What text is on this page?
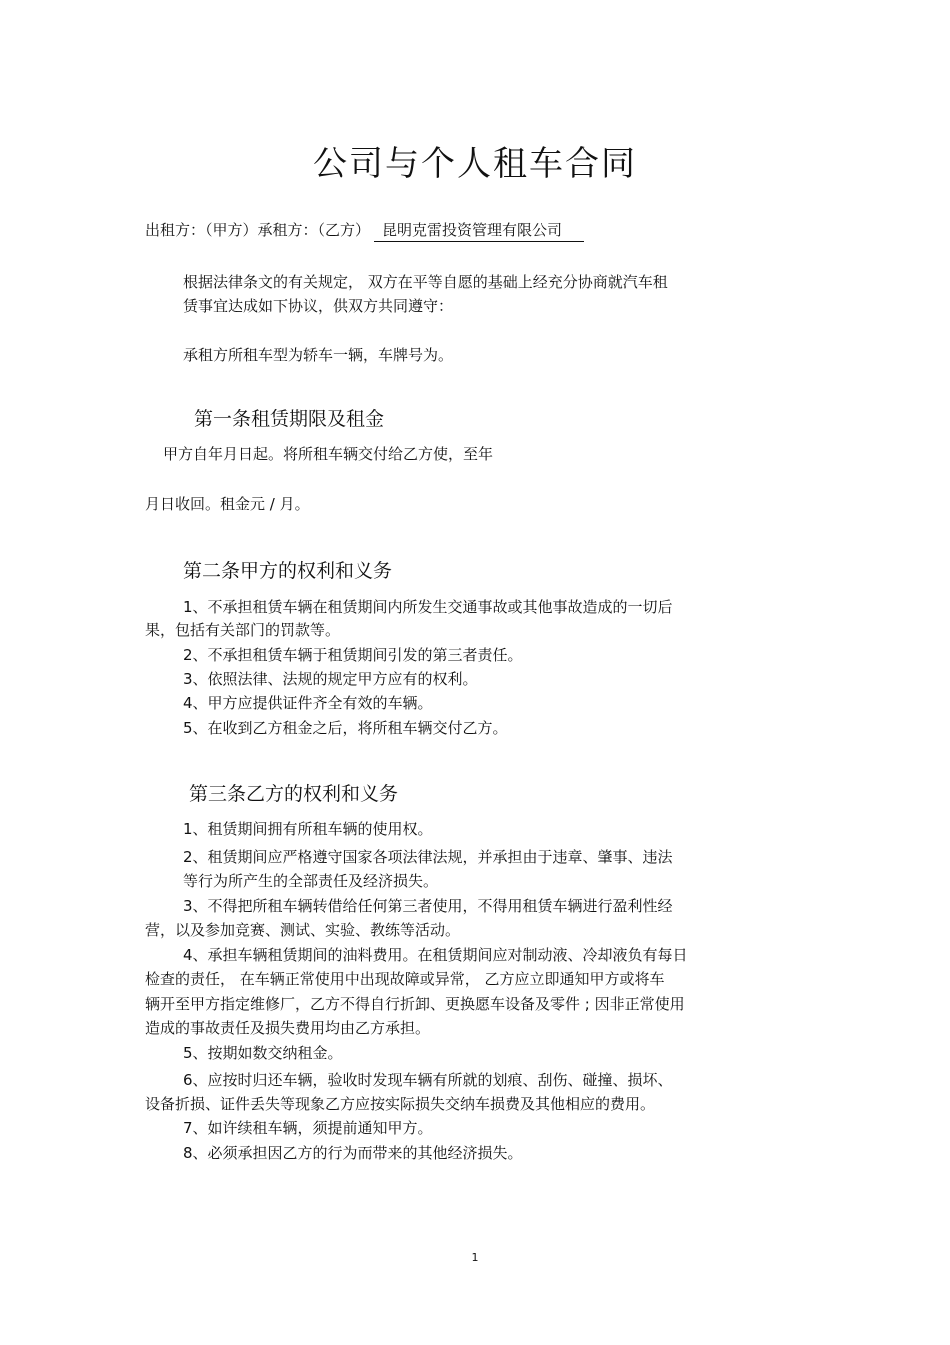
公司与个人租车合同
出租方：（甲方）承租方：（乙方） 昆明克雷投资管理有限公司
根据法律条文的有关规定， 双方在平等自愿的基础上经充分协商就汽车租
赁事宜达成如下协议，供双方共同遵守：
承租方所租车型为轿车一辆，车牌号为。
第一条租赁期限及租金
甲方自年月日起。将所租车辆交付给乙方使，至年
月日收回。租金元 / 月。
第二条甲方的权利和义务
1、不承担租赁车辆在租赁期间内所发生交通事故或其他事故造成的一切后
果，包括有关部门的罚款等。
2、不承担租赁车辆于租赁期间引发的第三者责任。
3、依照法律、法规的规定甲方应有的权利。
4、甲方应提供证件齐全有效的车辆。
5、在收到乙方租金之后，将所租车辆交付乙方。
第三条乙方的权利和义务
1、租赁期间拥有所租车辆的使用权。
2、租赁期间应严格遵守国家各项法律法规，并承担由于违章、肇事、违法
等行为所产生的全部责任及经济损失。
3、不得把所租车辆转借给任何第三者使用，不得用租赁车辆进行盈利性经
营，以及参加竞赛、测试、实验、教练等活动。
4、承担车辆租赁期间的油料费用。在租赁期间应对制动液、冷却液负有每日
检查的责任， 在车辆正常使用中出现故障或异常， 乙方应立即通知甲方或将车
辆开至甲方指定维修厂，乙方不得自行折卸、更换愿车设备及零件 ; 因非正常使用
造成的事故责任及损失费用均由乙方承担。
5、按期如数交纳租金。
6、应按时归还车辆，验收时发现车辆有所就的划痕、刮伤、碰撞、损坏、
设备折损、证件丢失等现象乙方应按实际损失交纳车损费及其他相应的费用。
7、如许续租车辆，须提前通知甲方。
8、必须承担因乙方的行为而带来的其他经济损失。
1
